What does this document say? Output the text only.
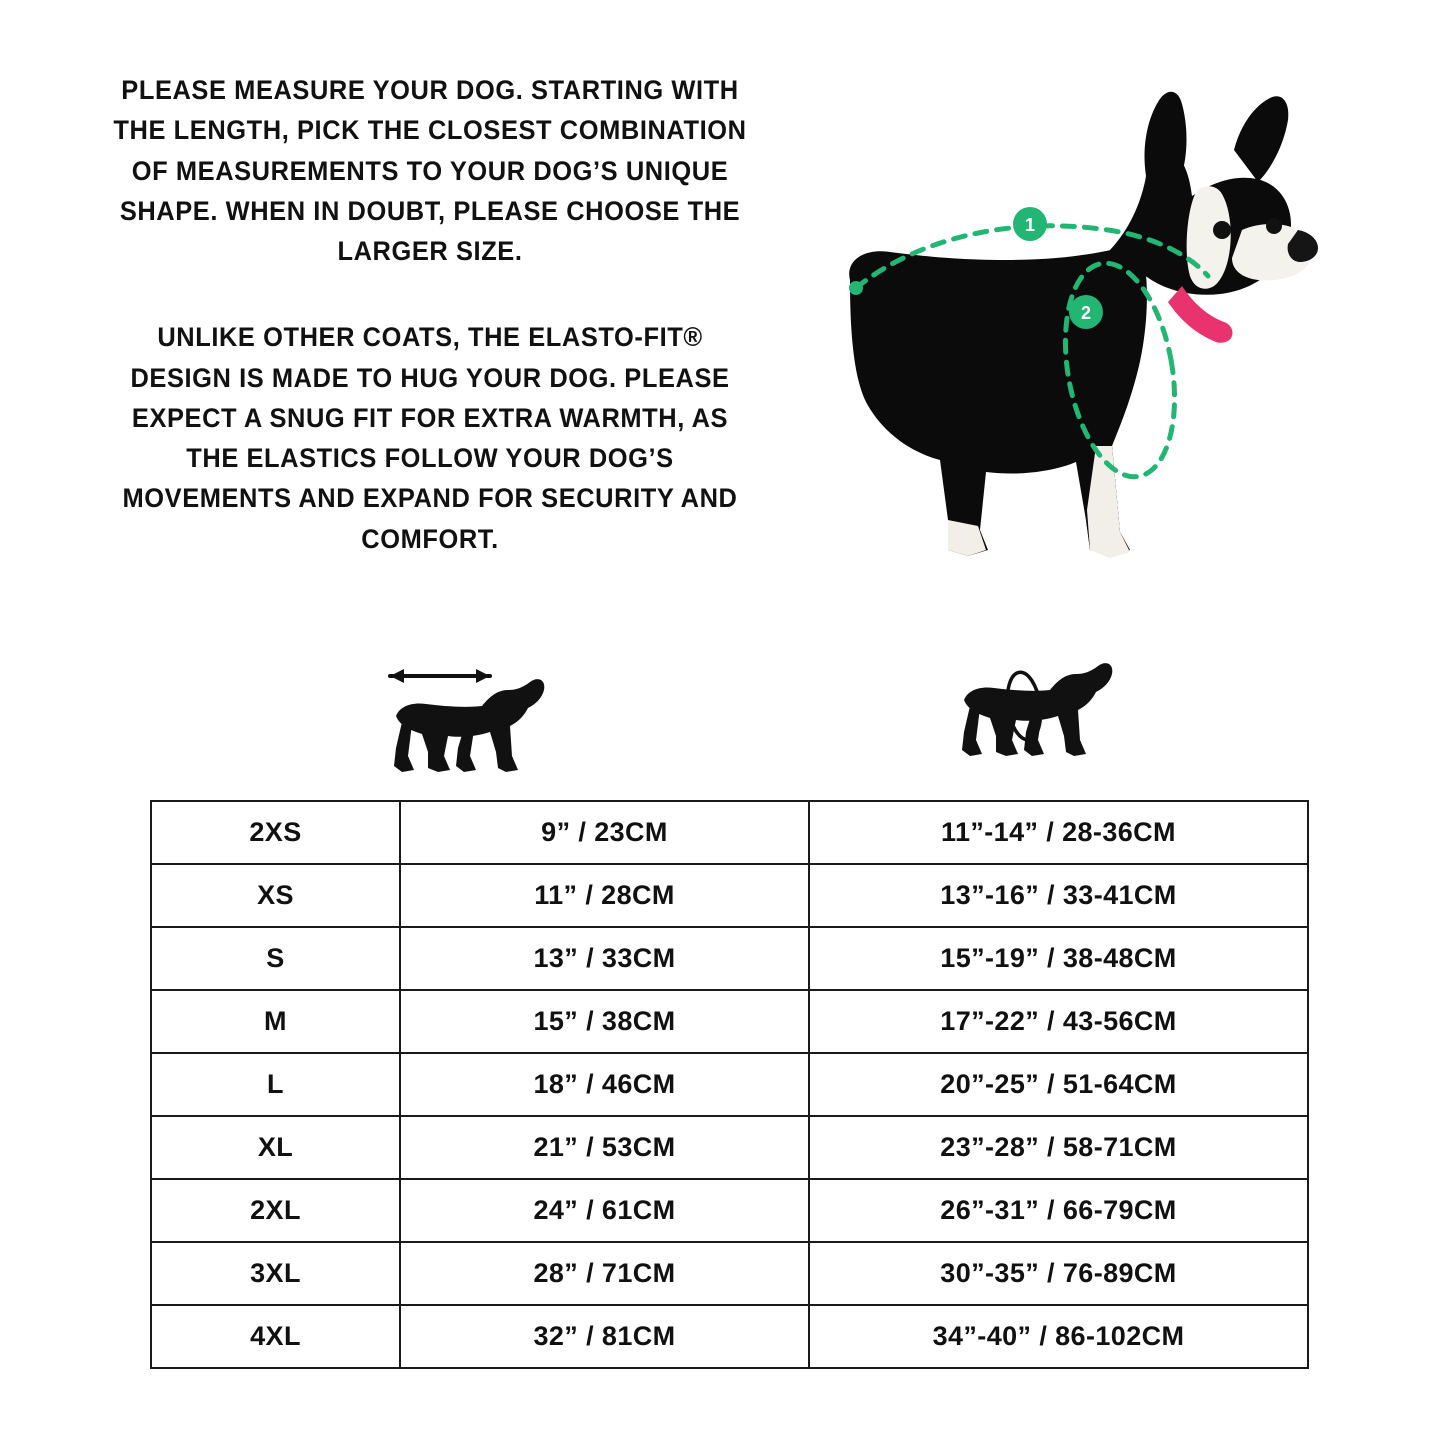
PLEASE MEASURE YOUR DOG. STARTING WITH THE LENGTH, PICK THE CLOSEST COMBINATION OF MEASUREMENTS TO YOUR DOG’S UNIQUE SHAPE. WHEN IN DOUBT, PLEASE CHOOSE THE LARGER SIZE.
UNLIKE OTHER COATS, THE ELASTO-FIT® DESIGN IS MADE TO HUG YOUR DOG. PLEASE EXPECT A SNUG FIT FOR EXTRA WARMTH, AS THE ELASTICS FOLLOW YOUR DOG’S MOVEMENTS AND EXPAND FOR SECURITY AND COMFORT.
1
2
2XS	9” / 23CM	11”-14” / 28-36CM
XS	11” / 28CM	13”-16” / 33-41CM
S	13” / 33CM	15”-19” / 38-48CM
M	15” / 38CM	17”-22” / 43-56CM
L	18” / 46CM	20”-25” / 51-64CM
XL	21” / 53CM	23”-28” / 58-71CM
2XL	24” / 61CM	26”-31” / 66-79CM
3XL	28” / 71CM	30”-35” / 76-89CM
4XL	32” / 81CM	34”-40” / 86-102CM
